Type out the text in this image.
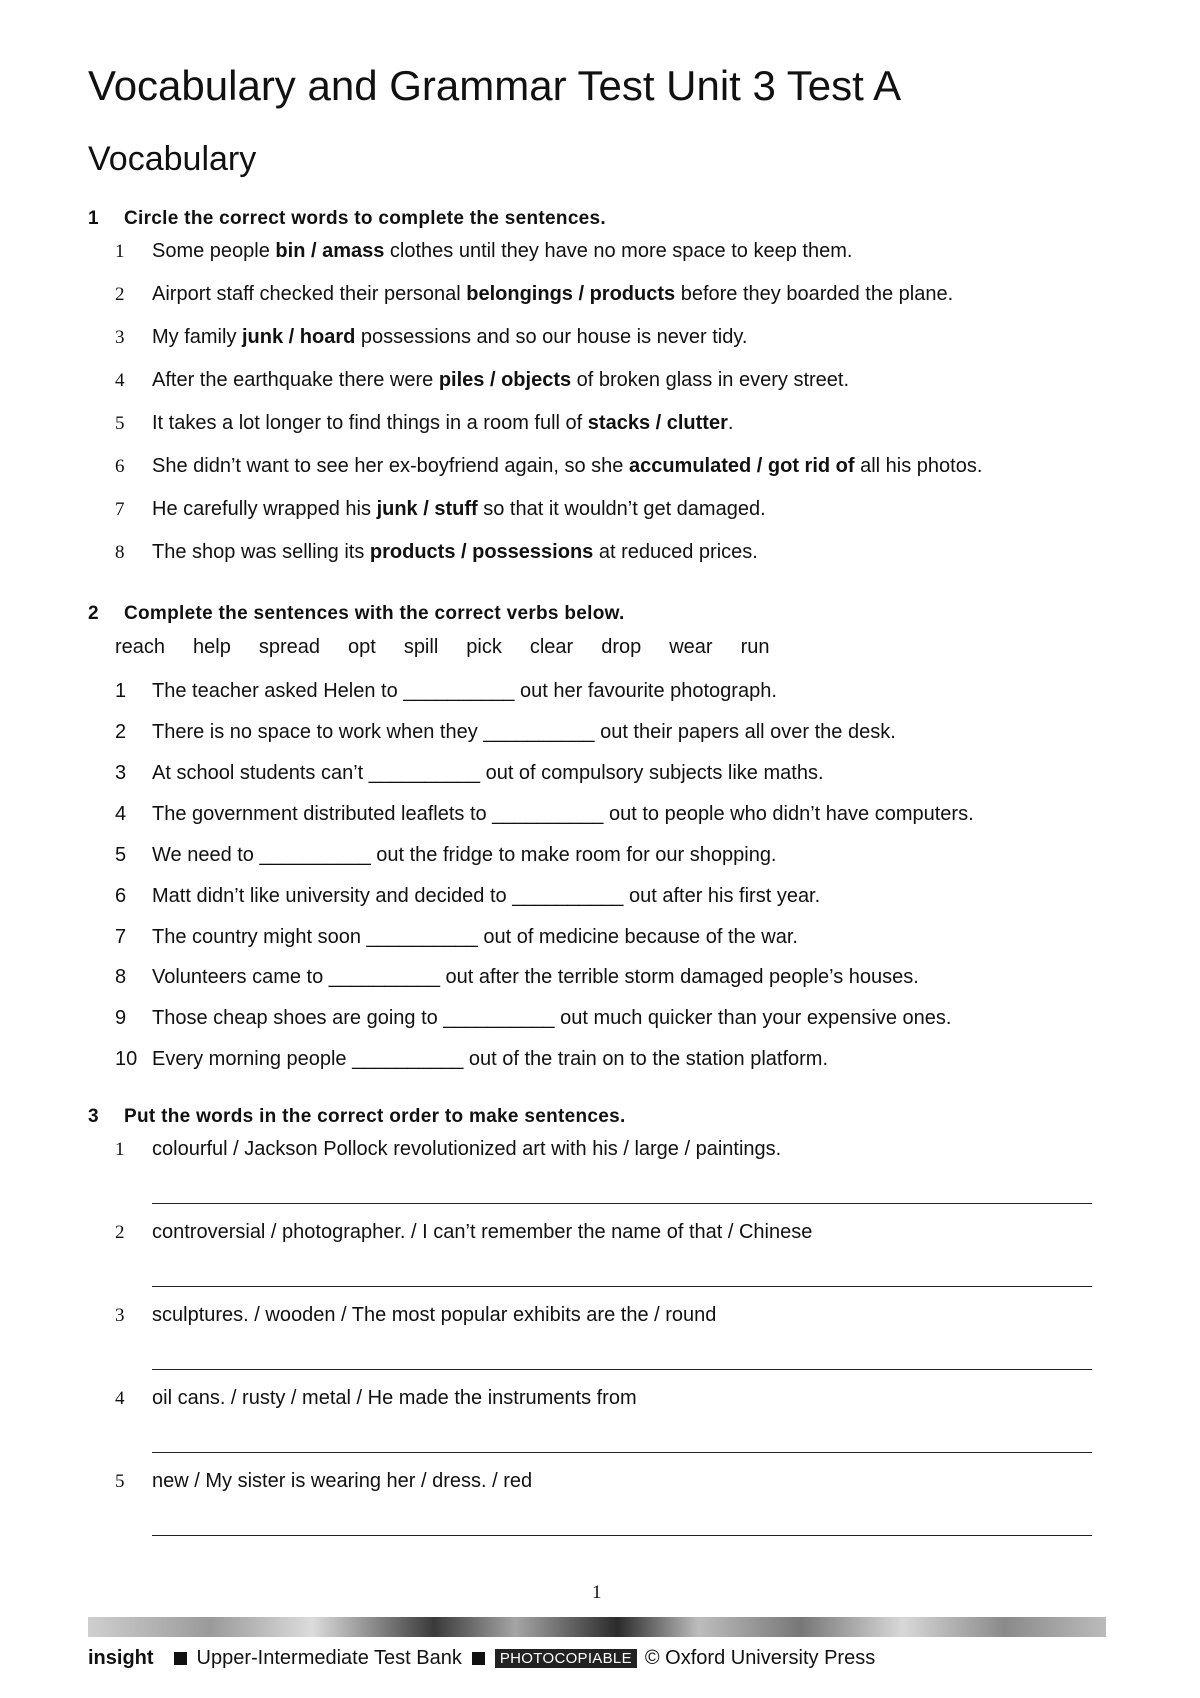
Vocabulary and Grammar Test Unit 3 Test A
Vocabulary
1 Circle the correct words to complete the sentences.
1 Some people bin / amass clothes until they have no more space to keep them.
2 Airport staff checked their personal belongings / products before they boarded the plane.
3 My family junk / hoard possessions and so our house is never tidy.
4 After the earthquake there were piles / objects of broken glass in every street.
5 It takes a lot longer to find things in a room full of stacks / clutter.
6 She didn’t want to see her ex-boyfriend again, so she accumulated / got rid of all his photos.
7 He carefully wrapped his junk / stuff so that it wouldn’t get damaged.
8 The shop was selling its products / possessions at reduced prices.
2 Complete the sentences with the correct verbs below.
reach help spread opt spill pick clear drop wear run
1 The teacher asked Helen to __________ out her favourite photograph.
2 There is no space to work when they __________ out their papers all over the desk.
3 At school students can’t __________ out of compulsory subjects like maths.
4 The government distributed leaflets to __________ out to people who didn’t have computers.
5 We need to __________ out the fridge to make room for our shopping.
6 Matt didn’t like university and decided to __________ out after his first year.
7 The country might soon __________ out of medicine because of the war.
8 Volunteers came to __________ out after the terrible storm damaged people’s houses.
9 Those cheap shoes are going to __________ out much quicker than your expensive ones.
10 Every morning people __________ out of the train on to the station platform.
3 Put the words in the correct order to make sentences.
1 colourful / Jackson Pollock revolutionized art with his / large / paintings.
2 controversial / photographer. / I can’t remember the name of that / Chinese
3 sculptures. / wooden / The most popular exhibits are the / round
4 oil cans. / rusty / metal / He made the instruments from
5 new / My sister is wearing her / dress. / red
1
insight Upper-Intermediate Test Bank	PHOTOCOPIABLE © Oxford University Press
